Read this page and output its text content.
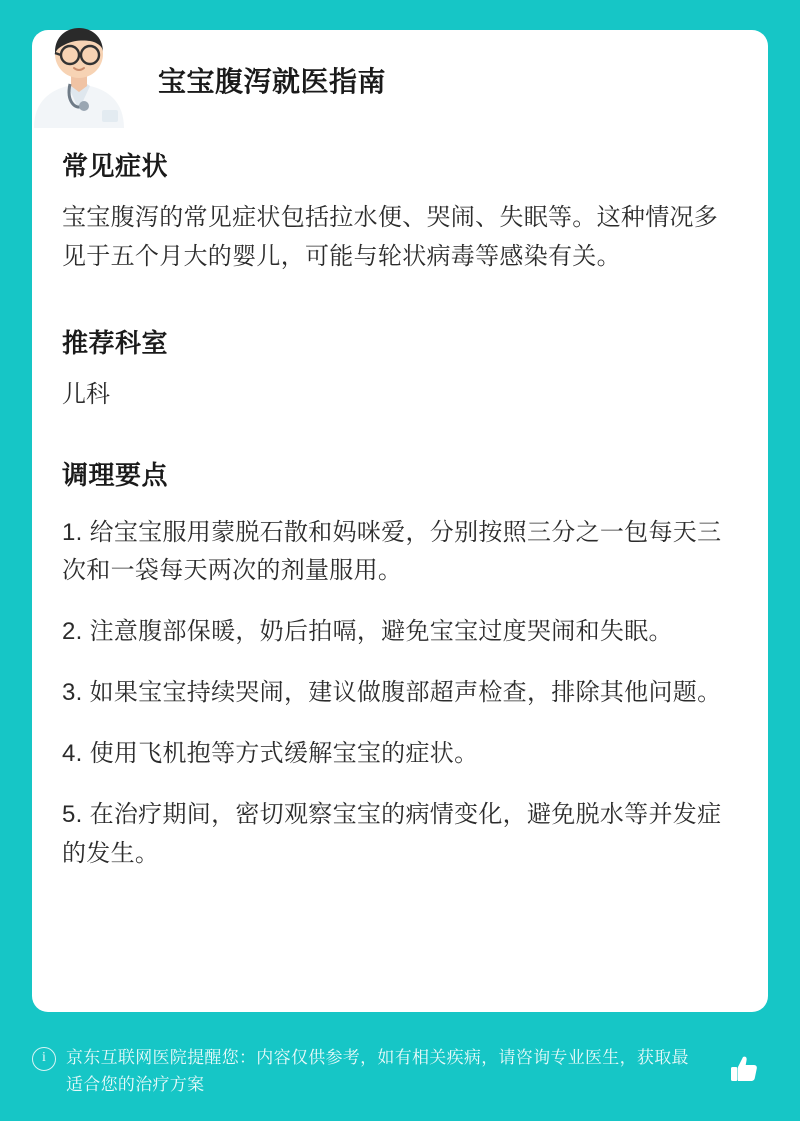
宝宝腹泻就医指南
常见症状

宝宝腹泻的常见症状包括拉水便、哭闹、失眠等。这种情况多见于五个月大的婴儿，可能与轮状病毒等感染有关。

推荐科室

儿科

调理要点
1. 给宝宝服用蒙脱石散和妈咪爱，分别按照三分之一包每天三次和一袋每天两次的剂量服用。
2. 注意腹部保暖，奶后拍嗝，避免宝宝过度哭闹和失眠。
3. 如果宝宝持续哭闹，建议做腹部超声检查，排除其他问题。
4. 使用飞机抱等方式缓解宝宝的症状。
5. 在治疗期间，密切观察宝宝的病情变化，避免脱水等并发症的发生。
i	京东互联网医院提醒您：内容仅供参考，如有相关疾病，请咨询专业医生，获取最适合您的治疗方案
